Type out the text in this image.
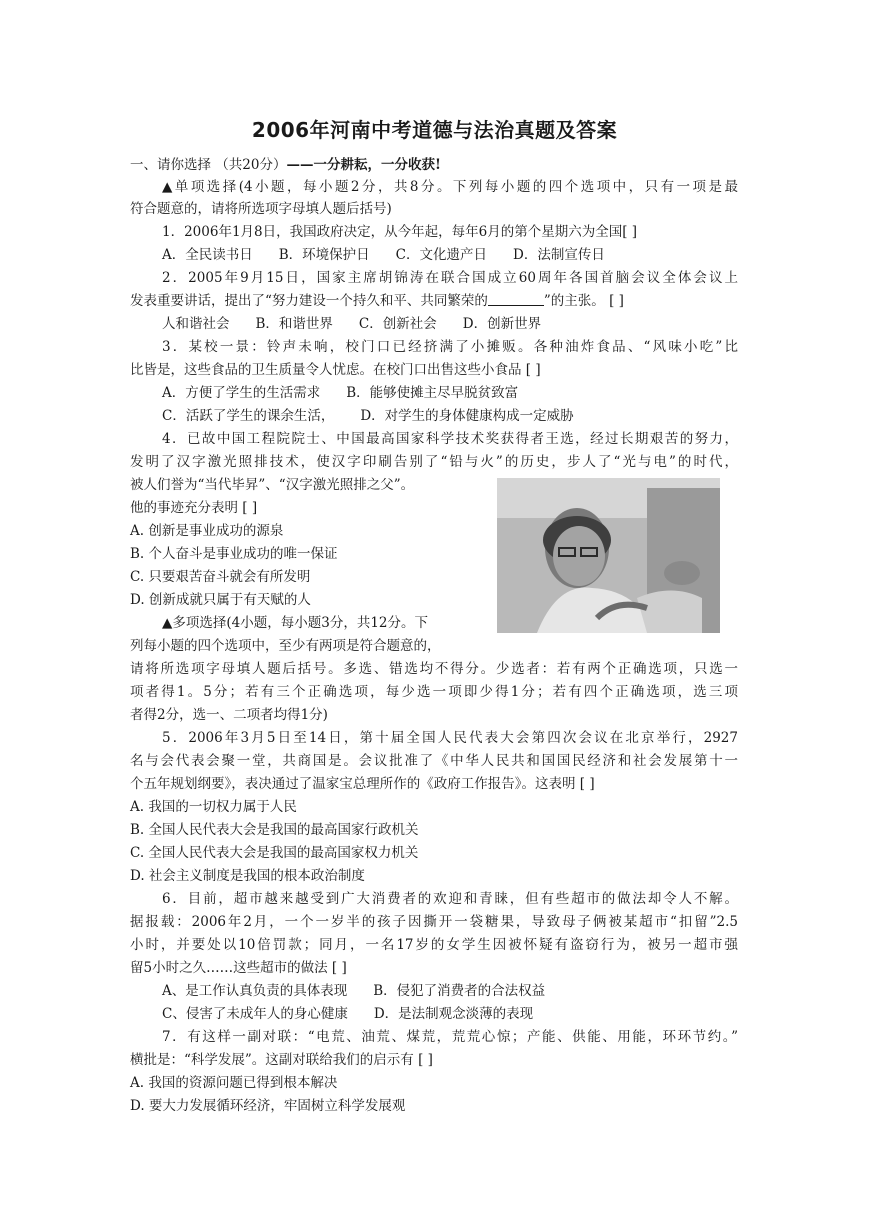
2006年河南中考道德与法治真题及答案
一、请你选择 （共20分）——一分耕耘，一分收获!
▲单项选择(4小题，每小题2分，共8分。下列每小题的四个选项中，只有一项是最
符合题意的，请将所选项字母填人题后括号)
1．2006年1月8日，我国政府决定，从今年起，每年6月的第个星期六为全国[ ]
A．全民读书日 B．环境保护日 C．文化遗产日 D．法制宣传日
2．2005年9月15日，国家主席胡锦涛在联合国成立60周年各国首脑会议全体会议上
发表重要讲话，提出了“努力建设一个持久和平、共同繁荣的	”的主张。 [ ]
人和谐社会 B．和谐世界 C．创新社会 D．创新世界
3．某校一景：铃声未响，校门口已经挤满了小摊贩。各种油炸食品、“风味小吃”比
比皆是，这些食品的卫生质量令人忧虑。在校门口出售这些小食品 [ ]
A．方便了学生的生活需求 B．能够使摊主尽早脱贫致富
C．活跃了学生的课余生活， D．对学生的身体健康构成一定威胁
4．已故中国工程院院士、中国最高国家科学技术奖获得者王选，经过长期艰苦的努力，
发明了汉字激光照排技术，使汉字印刷告别了“铅与火”的历史，步人了“光与电”的时代，
被人们誉为“当代毕昇”、“汉字激光照排之父”。
他的事迹充分表明 [ ]
A. 创新是事业成功的源泉
B. 个人奋斗是事业成功的唯一保证
C. 只要艰苦奋斗就会有所发明
D. 创新成就只属于有天赋的人
▲多项选择(4小题，每小题3分，共12分。下
列每小题的四个选项中，至少有两项是符合题意的，
请将所选项字母填人题后括号。多选、错选均不得分。少选者：若有两个正确选项，只选一
项者得1。5分；若有三个正确选项，每少选一项即少得1分；若有四个正确选项，选三项
者得2分，选一、二项者均得1分)
5．2006年3月5日至14日，第十届全国人民代表大会第四次会议在北京举行，2927
名与会代表会聚一堂，共商国是。会议批准了《中华人民共和国国民经济和社会发展第十一
个五年规划纲要》，表决通过了温家宝总理所作的《政府工作报告》。这表明 [ ]
A. 我国的一切权力属于人民
B. 全国人民代表大会是我国的最高国家行政机关
C. 全国人民代表大会是我国的最高国家权力机关
D. 社会主义制度是我国的根本政治制度
6．目前，超市越来越受到广大消费者的欢迎和青睐，但有些超市的做法却令人不解。
据报载：2006年2月，一个一岁半的孩子因撕开一袋糖果，导致母子俩被某超市“扣留”2.5
小时，并要处以10倍罚款；同月，一名17岁的女学生因被怀疑有盗窃行为，被另一超市强
留5小时之久……这些超市的做法 [ ]
A、是工作认真负责的具体表现 B．侵犯了消费者的合法权益
C、侵害了未成年人的身心健康 D．是法制观念淡薄的表现
7．有这样一副对联：“电荒、油荒、煤荒，荒荒心惊；产能、供能、用能，环环节约。”
横批是：“科学发展”。这副对联给我们的启示有 [ ]
A. 我国的资源问题已得到根本解决
D. 要大力发展循环经济，牢固树立科学发展观
